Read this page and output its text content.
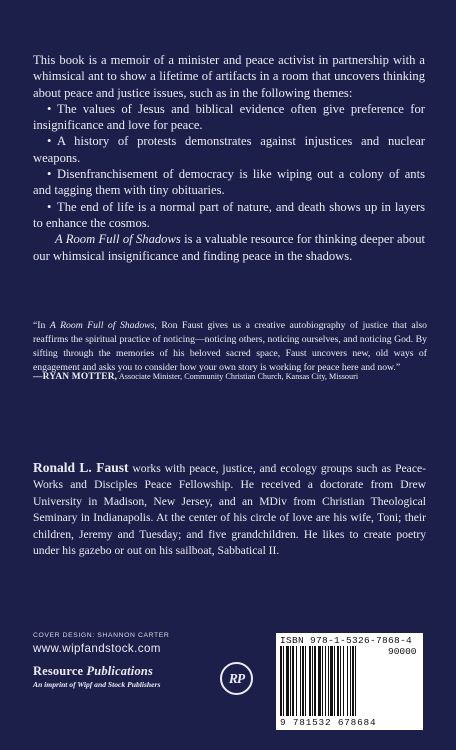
This book is a memoir of a minister and peace activist in partnership with a whimsical ant to show a lifetime of artifacts in a room that uncovers thinking about peace and justice issues, such as in the following themes:

• The values of Jesus and biblical evidence often give preference for insignificance and love for peace.
• A history of protests demonstrates against injustices and nuclear weapons.
• Disenfranchisement of democracy is like wiping out a colony of ants and tagging them with tiny obituaries.
• The end of life is a normal part of nature, and death shows up in layers to enhance the cosmos.

A Room Full of Shadows is a valuable resource for thinking deeper about our whimsical insignificance and finding peace in the shadows.

“In A Room Full of Shadows, Ron Faust gives us a creative autobiography of justice that also reaffirms the spiritual practice of noticing—noticing others, noticing ourselves, and noticing God. By sifting through the memories of his beloved sacred space, Faust uncovers new, old ways of engagement and asks you to consider how your own story is working for peace here and now.”

—RYAN MOTTER, Associate Minister, Community Christian Church, Kansas City, Missouri

Ronald L. Faust works with peace, justice, and ecology groups such as Peace-Works and Disciples Peace Fellowship. He received a doctorate from Drew University in Madison, New Jersey, and an MDiv from Christian Theological Seminary in Indianapolis. At the center of his circle of love are his wife, Toni; their children, Jeremy and Tuesday; and five grandchildren. He likes to create poetry under his gazebo or out on his sailboat, Sabbatical II.

COVER DESIGN: SHANNON CARTER
www.wipfandstock.com
Resource Publications
An imprint of Wipf and Stock Publishers	RP
ISBN 978-1-5326-7868-4
90000
9 781532 678684
